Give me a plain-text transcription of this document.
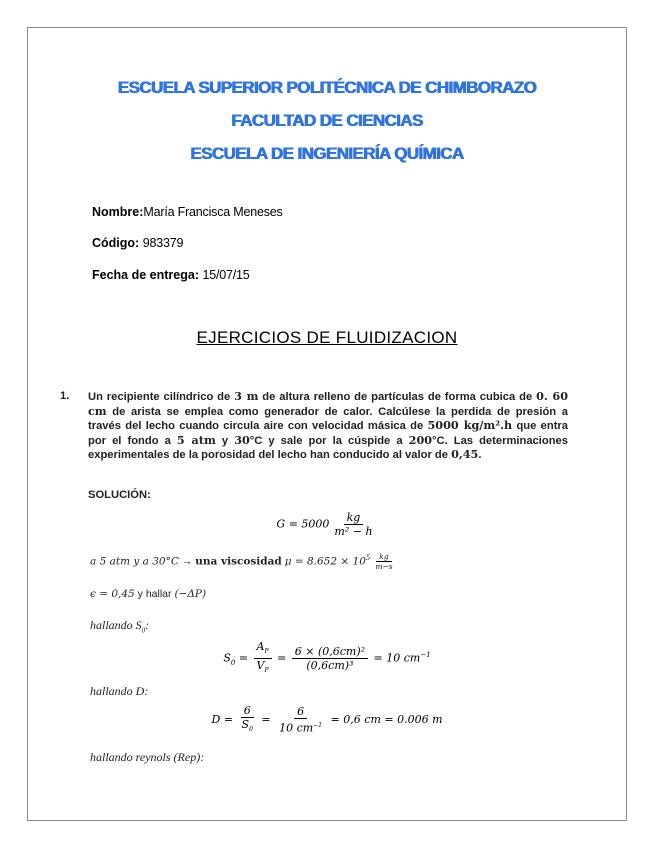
ESCUELA SUPERIOR POLITÉCNICA DE CHIMBORAZO
FACULTAD DE CIENCIAS
ESCUELA DE INGENIERÍA QUÍMICA
Nombre:María Francisca Meneses
Código: 983379
Fecha de entrega: 15/07/15
EJERCICIOS DE FLUIDIZACION
1. Un recipiente cilíndrico de 3 m de altura relleno de partículas de forma cubica de 0. 60 cm de arista se emplea como generador de calor. Calcúlese la perdida de presión a través del lecho cuando circula aire con velocidad másica de 5000 kg/m².h que entra por el fondo a 5 atm y 30°C y sale por la cúspide a 200°C. Las determinaciones experimentales de la porosidad del lecho han conducido al valor de 0,45.
SOLUCIÓN:
$G = 5000 \frac{kg}{\text{m² − h}}$
a 5 atm y a 30°C → una viscosidad $\mu = 8.652 \times 10^5 \frac{kg}{m-s}$
ϵ = 0,45 y hallar (−ΔP)
hallando $S_0$:
$S_0 = \frac{A_P}{V_P} = \frac{\text{6 × (0,6cm)²}}{\text{(0,6cm)³}} = 10$ $cm^{-1}$
hallando D:
$D = \frac{6}{S_0} = \frac{6}{10 cm^{-1}} = 0,6$ cm = 0.006 m
hallando reynols (Rep):
